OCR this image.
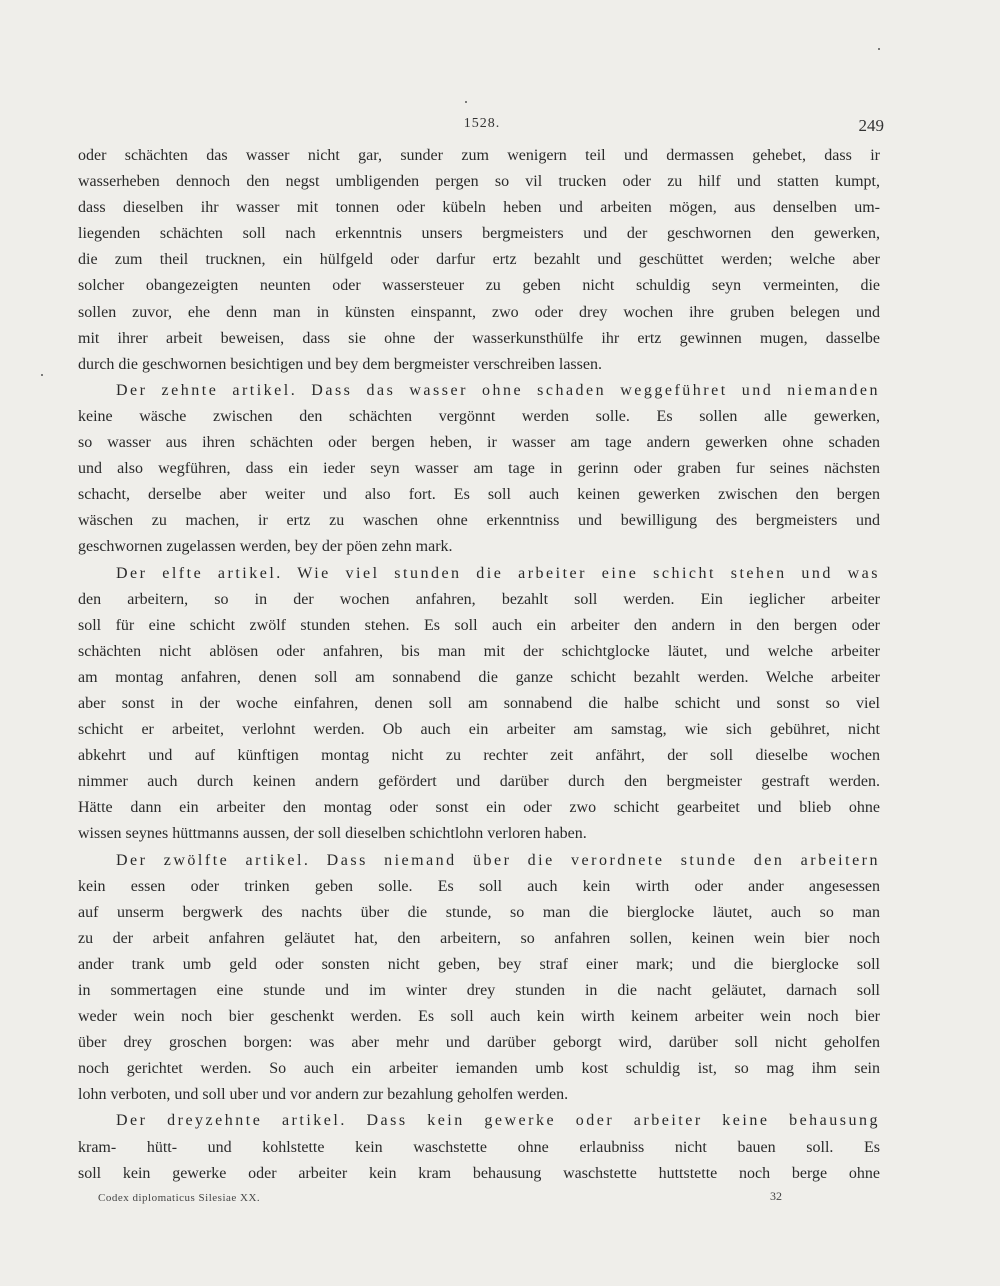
1528.	249
oder schächten das wasser nicht gar, sunder zum wenigern teil und dermassen gehebet, dass ir
wasserheben dennoch den negst umbligenden pergen so vil trucken oder zu hilf und statten kumpt,
dass dieselben ihr wasser mit tonnen oder kübeln heben und arbeiten mögen, aus denselben um-
liegenden schächten soll nach erkenntnis unsers bergmeisters und der geschwornen den gewerken,
die zum theil trucknen, ein hülfgeld oder darfur ertz bezahlt und geschüttet werden; welche aber
solcher obangezeigten neunten oder wassersteuer zu geben nicht schuldig seyn vermeinten, die
sollen zuvor, ehe denn man in künsten einspannt, zwo oder drey wochen ihre gruben belegen und
mit ihrer arbeit beweisen, dass sie ohne der wasserkunsthülfe ihr ertz gewinnen mugen, dasselbe
durch die geschwornen besichtigen und bey dem bergmeister verschreiben lassen.
Der zehnte artikel. Dass das wasser ohne schaden weggeführet und niemanden
keine wäsche zwischen den schächten vergönnt werden solle. Es sollen alle gewerken,
so wasser aus ihren schächten oder bergen heben, ir wasser am tage andern gewerken ohne schaden
und also wegführen, dass ein ieder seyn wasser am tage in gerinn oder graben fur seines nächsten
schacht, derselbe aber weiter und also fort. Es soll auch keinen gewerken zwischen den bergen
wäschen zu machen, ir ertz zu waschen ohne erkenntniss und bewilligung des bergmeisters und
geschwornen zugelassen werden, bey der pöen zehn mark.
Der elfte artikel. Wie viel stunden die arbeiter eine schicht stehen und was
den arbeitern, so in der wochen anfahren, bezahlt soll werden. Ein ieglicher arbeiter
soll für eine schicht zwölf stunden stehen. Es soll auch ein arbeiter den andern in den bergen oder
schächten nicht ablösen oder anfahren, bis man mit der schichtglocke läutet, und welche arbeiter
am montag anfahren, denen soll am sonnabend die ganze schicht bezahlt werden. Welche arbeiter
aber sonst in der woche einfahren, denen soll am sonnabend die halbe schicht und sonst so viel
schicht er arbeitet, verlohnt werden. Ob auch ein arbeiter am samstag, wie sich gebühret, nicht
abkehrt und auf künftigen montag nicht zu rechter zeit anfährt, der soll dieselbe wochen
nimmer auch durch keinen andern gefördert und darüber durch den bergmeister gestraft werden.
Hätte dann ein arbeiter den montag oder sonst ein oder zwo schicht gearbeitet und blieb ohne
wissen seynes hüttmanns aussen, der soll dieselben schichtlohn verloren haben.
Der zwölfte artikel. Dass niemand über die verordnete stunde den arbeitern
kein essen oder trinken geben solle. Es soll auch kein wirth oder ander angesessen
auf unserm bergwerk des nachts über die stunde, so man die bierglocke läutet, auch so man
zu der arbeit anfahren geläutet hat, den arbeitern, so anfahren sollen, keinen wein bier noch
ander trank umb geld oder sonsten nicht geben, bey straf einer mark; und die bierglocke soll
in sommertagen eine stunde und im winter drey stunden in die nacht geläutet, darnach soll
weder wein noch bier geschenkt werden. Es soll auch kein wirth keinem arbeiter wein noch bier
über drey groschen borgen: was aber mehr und darüber geborgt wird, darüber soll nicht geholfen
noch gerichtet werden. So auch ein arbeiter iemanden umb kost schuldig ist, so mag ihm sein
lohn verboten, und soll uber und vor andern zur bezahlung geholfen werden.
Der dreyzehnte artikel. Dass kein gewerke oder arbeiter keine behausung
kram- hütt- und kohlstette kein waschstette ohne erlaubniss nicht bauen soll. Es
soll kein gewerke oder arbeiter kein kram behausung waschstette huttstette noch berge ohne
Codex diplomaticus Silesiae XX.	32
